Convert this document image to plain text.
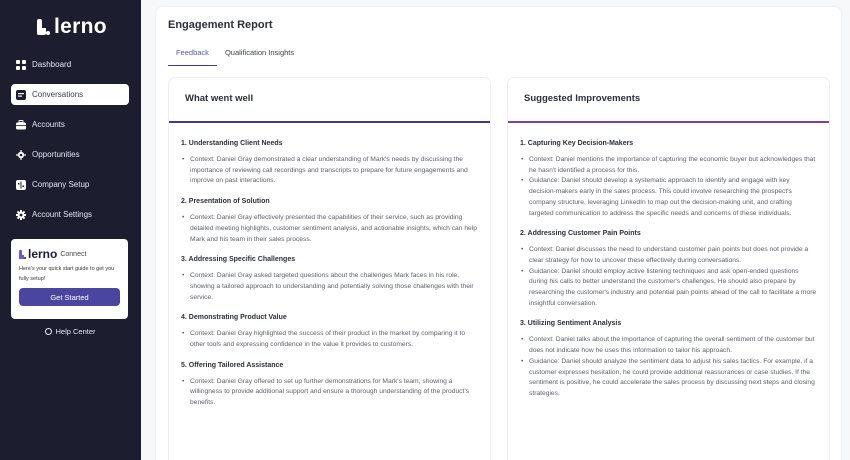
lerno
Dashboard
Conversations
Accounts
Opportunities
Company Setup
Account Settings
lerno Connect
Here's your quick start guide to get you fully setup!
Get Started
Help Center
Engagement Report
Feedback	Qualification Insights
What went well
1. Understanding Client Needs
• Context: Daniel Gray demonstrated a clear understanding of Mark's needs by discussing the importance of reviewing call recordings and transcripts to prepare for future engagements and improve on past interactions.
2. Presentation of Solution
• Context: Daniel Gray effectively presented the capabilities of their service, such as providing detailed meeting highlights, customer sentiment analysis, and actionable insights, which can help Mark and his team in their sales process.
3. Addressing Specific Challenges
• Context: Daniel Gray asked targeted questions about the challenges Mark faces in his role, showing a tailored approach to understanding and potentially solving those challenges with their service.
4. Demonstrating Product Value
• Context: Daniel Gray highlighted the success of their product in the market by comparing it to other tools and expressing confidence in the value it provides to customers.
5. Offering Tailored Assistance
• Context: Daniel Gray offered to set up further demonstrations for Mark's team, showing a willingness to provide additional support and ensure a thorough understanding of the product's benefits.
Suggested Improvements
1. Capturing Key Decision-Makers
• Context: Daniel mentions the importance of capturing the economic buyer but acknowledges that he hasn't identified a process for this.
• Guidance: Daniel should develop a systematic approach to identify and engage with key decision-makers early in the sales process. This could involve researching the prospect's company structure, leveraging LinkedIn to map out the decision-making unit, and crafting targeted communication to address the specific needs and concerns of these individuals.
2. Addressing Customer Pain Points
• Context: Daniel discusses the need to understand customer pain points but does not provide a clear strategy for how to uncover these effectively during conversations.
• Guidance: Daniel should employ active listening techniques and ask open-ended questions during his calls to better understand the customer's challenges. He should also prepare by researching the customer's industry and potential pain points ahead of the call to facilitate a more insightful conversation.
3. Utilizing Sentiment Analysis
• Context: Daniel talks about the importance of capturing the overall sentiment of the customer but does not indicate how he uses this information to tailor his approach.
• Guidance: Daniel should analyze the sentiment data to adjust his sales tactics. For example, if a customer expresses hesitation, he could provide additional reassurances or case studies. If the sentiment is positive, he could accelerate the sales process by discussing next steps and closing strategies.
